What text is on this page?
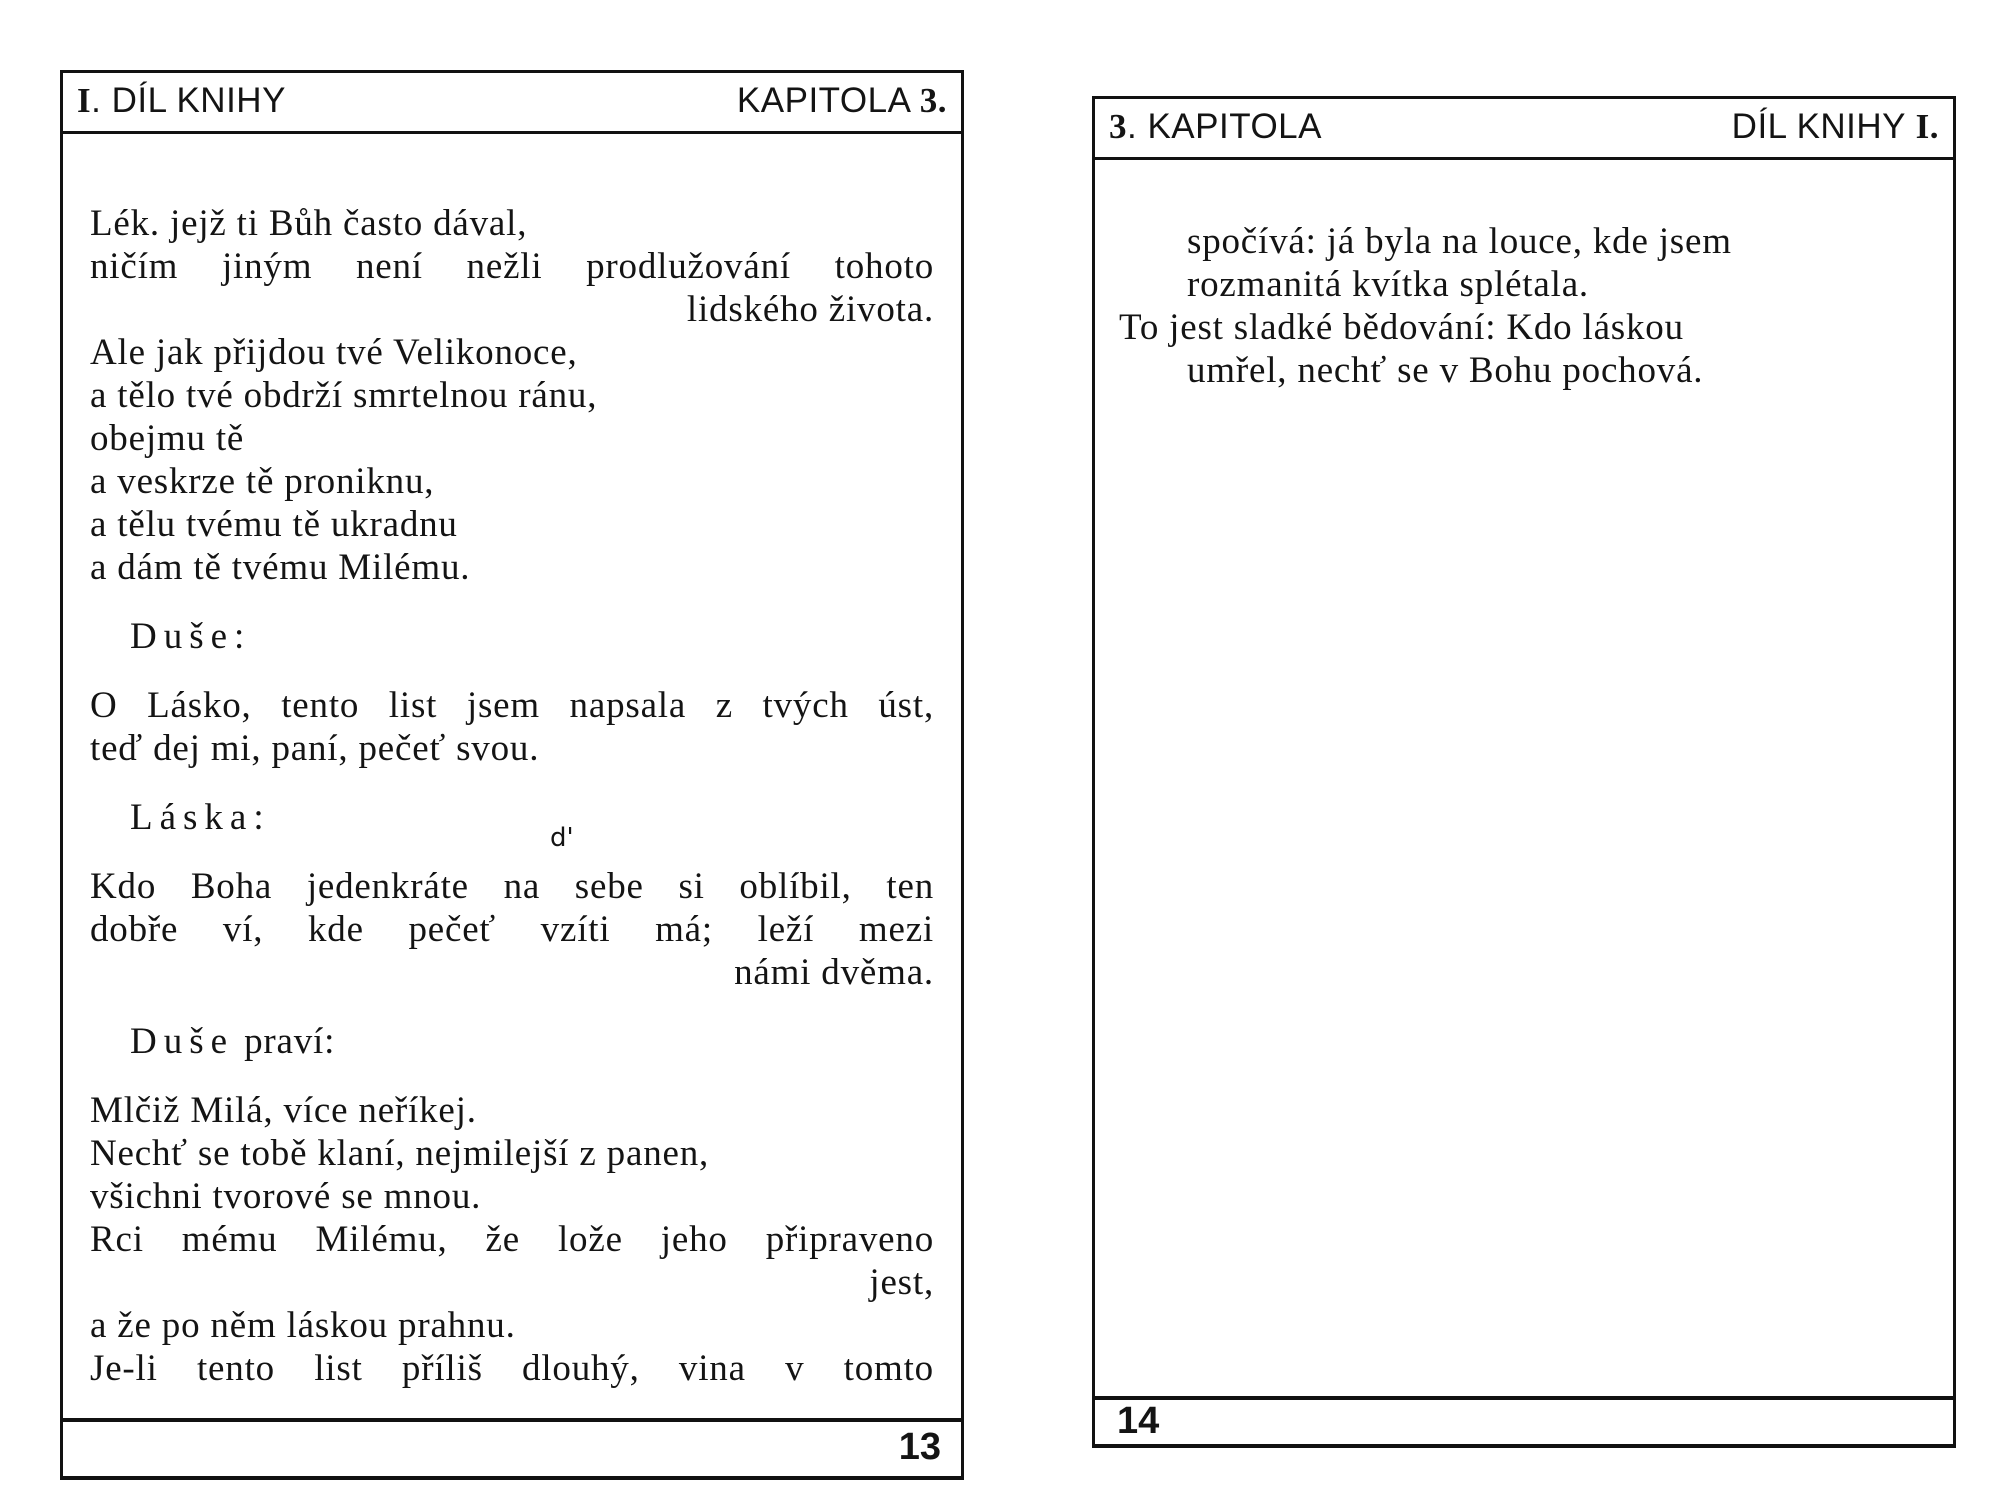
I. DÍL KNIHY	KAPITOLA 3.
Lék. jejž ti Bůh často dával,
ničím jiným není nežli prodlužování tohoto
lidského života.
Ale jak přijdou tvé Velikonoce,
a tělo tvé obdrží smrtelnou ránu,
obejmu tě
a veskrze tě proniknu,
a tělu tvému tě ukradnu
a dám tě tvému Milému.
Duše:
O Lásko, tento list jsem napsala z tvých úst,
teď dej mi, paní, pečeť svou.
Láska:
Kdo Boha jedenkráte na sebe si oblíbil, ten
dobře ví, kde pečeť vzíti má; leží mezi
námi dvěma.
Duše praví:
Mlčiž Milá, více neříkej.
Nechť se tobě klaní, nejmilejší z panen,
všichni tvorové se mnou.
Rci mému Milému, že lože jeho připraveno
jest,
a že po něm láskou prahnu.
Je-li tento list příliš dlouhý, vina v tomto
d'
13
3. KAPITOLA	DÍL KNIHY I.
spočívá: já byla na louce, kde jsem
rozmanitá kvítka splétala.
To jest sladké bědování: Kdo láskou
umřel, nechť se v Bohu pochová.
14
